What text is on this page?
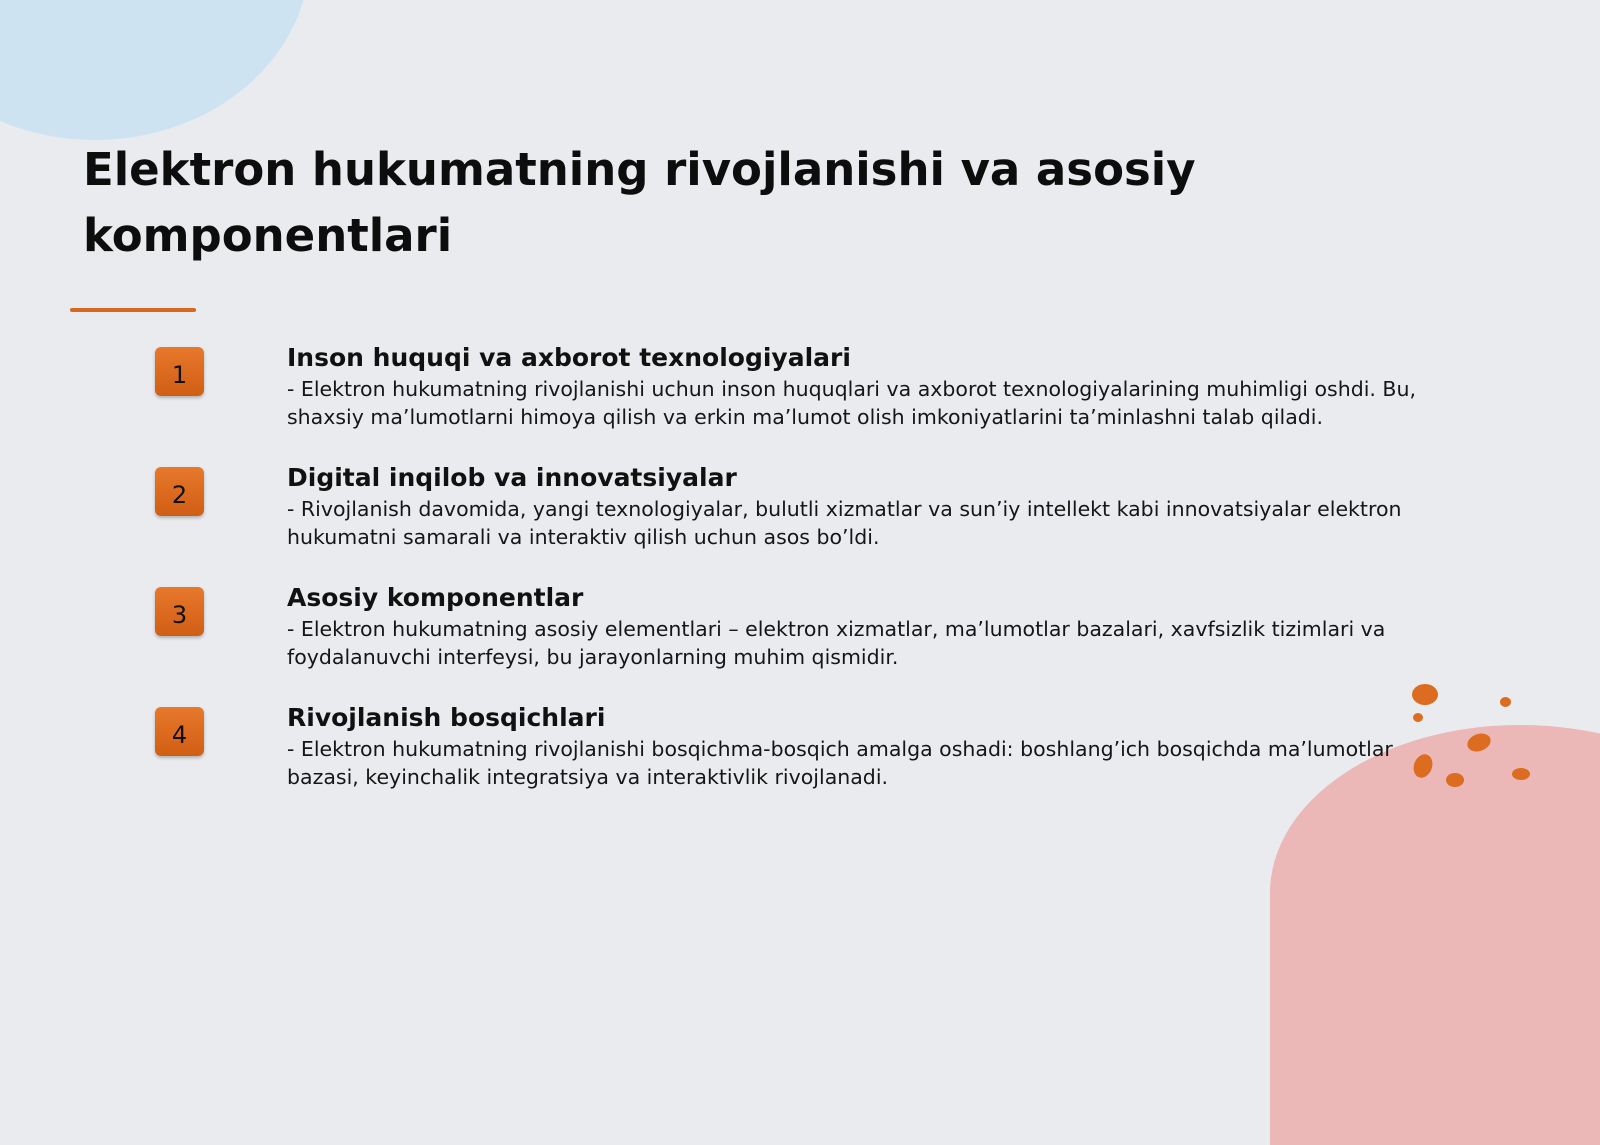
Elektron hukumatning rivojlanishi va asosiy komponentlari
1

Inson huquqi va axborot texnologiyalari

- Elektron hukumatning rivojlanishi uchun inson huquqlari va axborot texnologiyalarining muhimligi oshdi. Bu, shaxsiy ma’lumotlarni himoya qilish va erkin ma’lumot olish imkoniyatlarini ta’minlashni talab qiladi.

2

Digital inqilob va innovatsiyalar

- Rivojlanish davomida, yangi texnologiyalar, bulutli xizmatlar va sun’iy intellekt kabi innovatsiyalar elektron hukumatni samarali va interaktiv qilish uchun asos bo’ldi.

3

Asosiy komponentlar

- Elektron hukumatning asosiy elementlari – elektron xizmatlar, ma’lumotlar bazalari, xavfsizlik tizimlari va foydalanuvchi interfeysi, bu jarayonlarning muhim qismidir.

4

Rivojlanish bosqichlari

- Elektron hukumatning rivojlanishi bosqichma-bosqich amalga oshadi: boshlang’ich bosqichda ma’lumotlar bazasi, keyinchalik integratsiya va interaktivlik rivojlanadi.
